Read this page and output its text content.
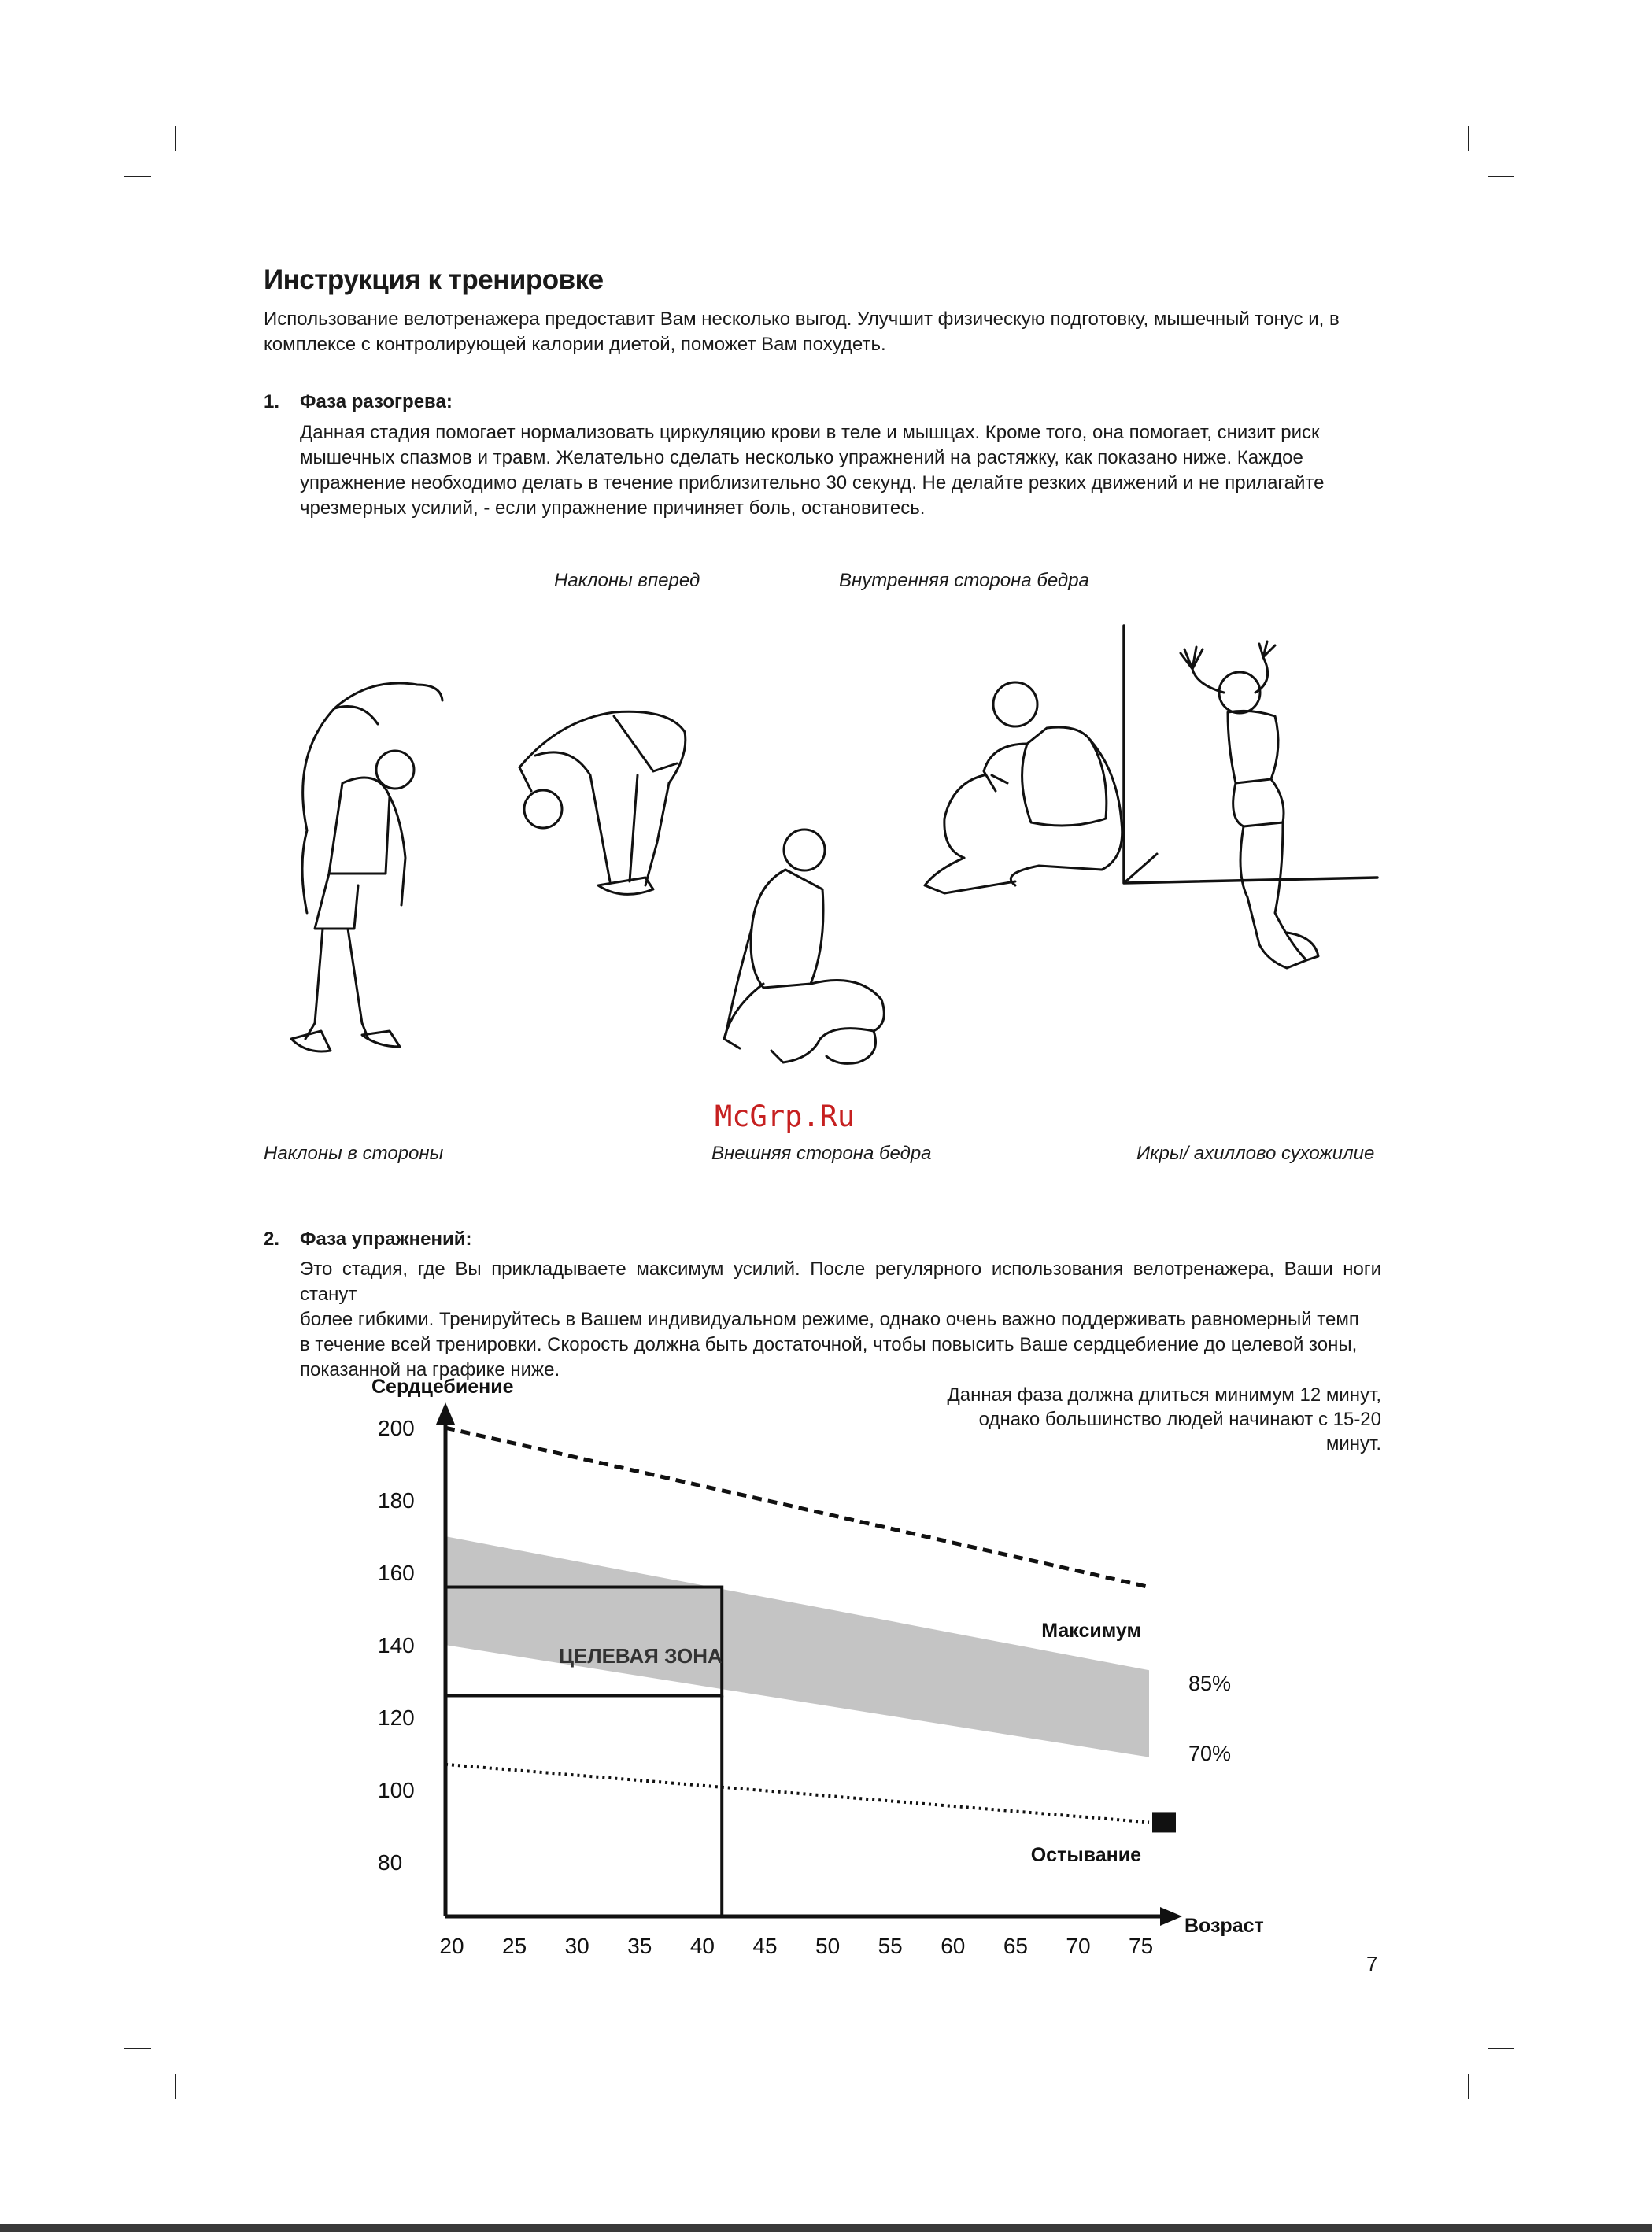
Инструкция к тренировке

Использование велотренажера предоставит Вам несколько выгод. Улучшит физическую подготовку, мышечный тонус и, в
комплексе с контролирующей калории диетой, поможет Вам похудеть.

1. Фаза разогрева:

Данная стадия помогает нормализовать циркуляцию крови в теле и мышцах. Кроме того, она помогает, снизит риск
мышечных спазмов и травм. Желательно сделать несколько упражнений на растяжку, как показано ниже. Каждое
упражнение необходимо делать в течение приблизительно 30 секунд. Не делайте резких движений и не прилагайте
чрезмерных усилий, - если упражнение причиняет боль, остановитесь.

Наклоны вперед	Внутренняя сторона бедра
Наклоны в стороны	Внешняя сторона бедра	Икры/ ахиллово сухожилие
McGrp.Ru
2. Фаза упражнений:

Это стадия, где Вы прикладываете максимум усилий. После регулярного использования велотренажера, Ваши ноги станут
более гибкими. Тренируйтесь в Вашем индивидуальном режиме, однако очень важно поддерживать равномерный темп
в течение всей тренировки. Скорость должна быть достаточной, чтобы повысить Ваше сердцебиение до целевой зоны,
показанной на графике ниже.

Данная фаза должна длиться минимум 12 минут,
однако большинство людей начинают с 15-20 минут.

80
100
120
140
160
180
200
20 25 30 35 40 45 50 55 60 65 70 75
Сердцебиение
Возраст
ЦЕЛЕВАЯ ЗОНА
Максимум
Остывание
85%
70%
7
